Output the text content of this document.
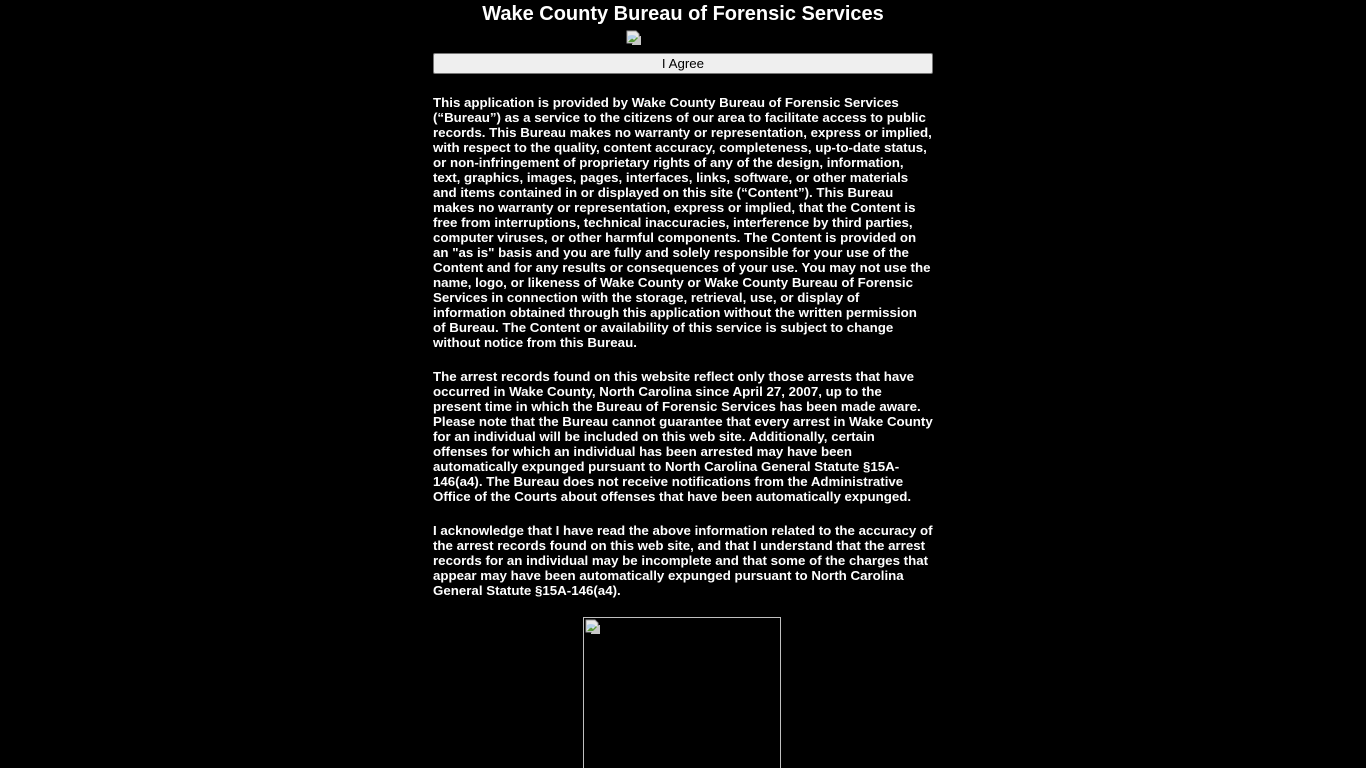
Wake County Bureau of Forensic Services
I Agree

This application is provided by Wake County Bureau of Forensic Services (“Bureau”) as a service to the citizens of our area to facilitate access to public records. This Bureau makes no warranty or representation, express or implied, with respect to the quality, content accuracy, completeness, up-to-date status, or non-infringement of proprietary rights of any of the design, information, text, graphics, images, pages, interfaces, links, software, or other materials and items contained in or displayed on this site (“Content”). This Bureau makes no warranty or representation, express or implied, that the Content is free from interruptions, technical inaccuracies, interference by third parties, computer viruses, or other harmful components. The Content is provided on an "as is" basis and you are fully and solely responsible for your use of the Content and for any results or consequences of your use. You may not use the name, logo, or likeness of Wake County or Wake County Bureau of Forensic Services in connection with the storage, retrieval, use, or display of information obtained through this application without the written permission of Bureau. The Content or availability of this service is subject to change without notice from this Bureau.

The arrest records found on this website reflect only those arrests that have occurred in Wake County, North Carolina since April 27, 2007, up to the present time in which the Bureau of Forensic Services has been made aware. Please note that the Bureau cannot guarantee that every arrest in Wake County for an individual will be included on this web site. Additionally, certain offenses for which an individual has been arrested may have been automatically expunged pursuant to North Carolina General Statute §15A-146(a4). The Bureau does not receive notifications from the Administrative Office of the Courts about offenses that have been automatically expunged.

I acknowledge that I have read the above information related to the accuracy of the arrest records found on this web site, and that I understand that the arrest records for an individual may be incomplete and that some of the charges that appear may have been automatically expunged pursuant to North Carolina General Statute §15A-146(a4).
